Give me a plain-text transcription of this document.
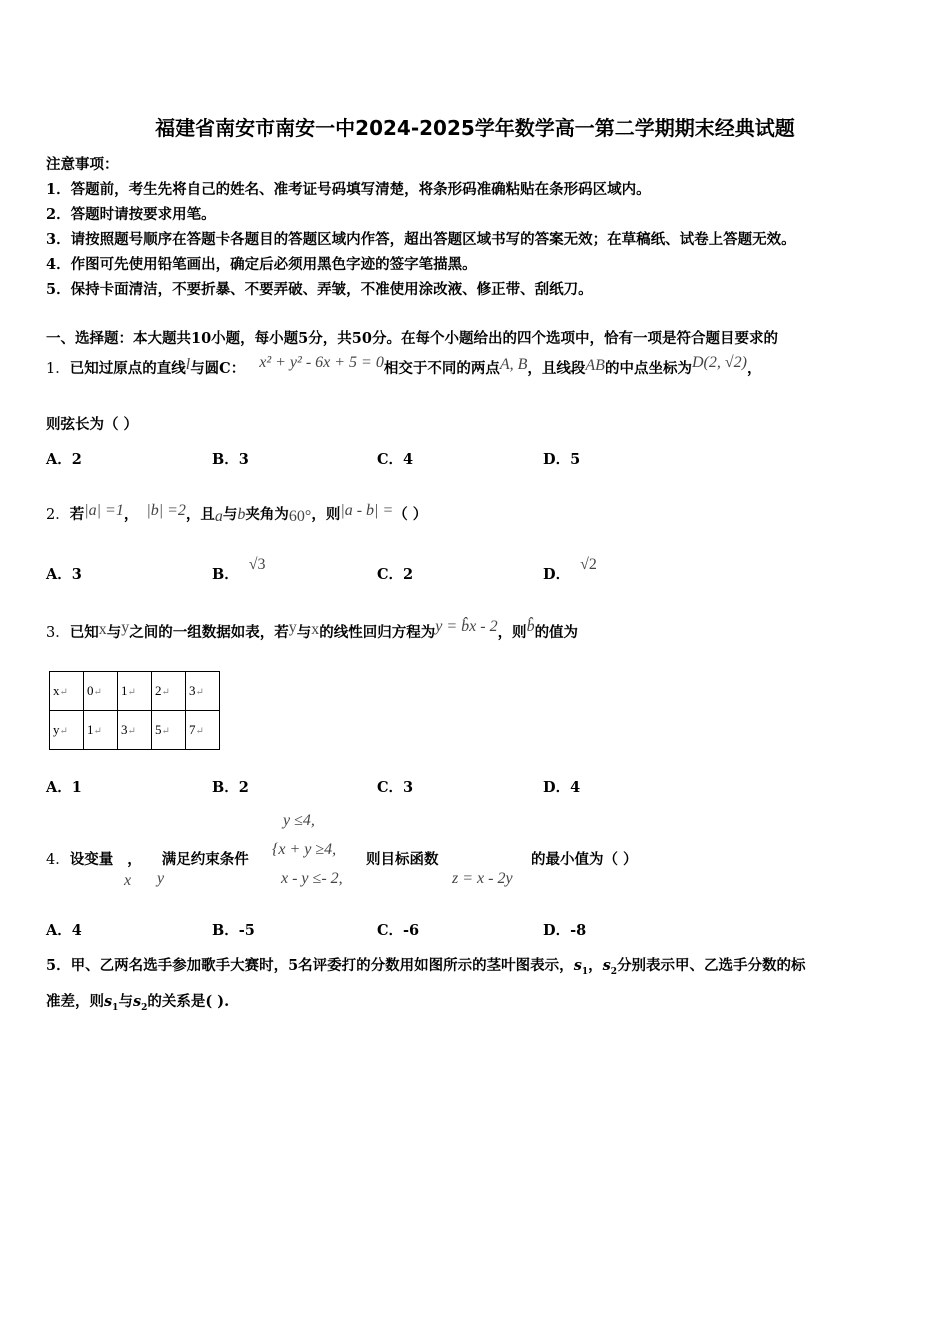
福建省南安市南安一中2024-2025学年数学高一第二学期期末经典试题
注意事项：
1．答题前，考生先将自己的姓名、准考证号码填写清楚，将条形码准确粘贴在条形码区域内。
2．答题时请按要求用笔。
3．请按照题号顺序在答题卡各题目的答题区域内作答，超出答题区域书写的答案无效；在草稿纸、试卷上答题无效。
4．作图可先使用铅笔画出，确定后必须用黑色字迹的签字笔描黑。
5．保持卡面清洁，不要折暴、不要弄破、弄皱，不准使用涂改液、修正带、刮纸刀。
一、选择题：本大题共10小题，每小题5分，共50分。在每个小题给出的四个选项中，恰有一项是符合题目要求的
1．已知过原点的直线l与圆C： x² + y² - 6x + 5 = 0相交于不同的两点A, B，且线段AB的中点坐标为D(2, √2)，
则弦长为（ ）
A．2	B．3	C．4	D．5
2．若|a| =1， |b| =2，且a与b夹角为60°，则|a - b| =（ ）
A．3	B．√3
C．2	D．√2
3．已知x与y之间的一组数据如表，若y与x的线性回归方程为y = b̂x - 2，则b̂的值为
x↵	0↵	1↵	2↵	3↵
y↵	1↵	3↵	5↵	7↵
A．1	B．2	C．3	D．4
y ≤4,
4．设变量 ， 满足约束条件
{x + y ≥4,
则目标函数	的最小值为（ ）
x y	x - y ≤- 2,	z = x - 2y
A．4	B．-5	C．-6	D．-8
5．甲、乙两名选手参加歌手大赛时，5名评委打的分数用如图所示的茎叶图表示，$s_1$，$s_2$分别表示甲、乙选手分数的标
准差，则$s_1$与$s_2$的关系是( ).
